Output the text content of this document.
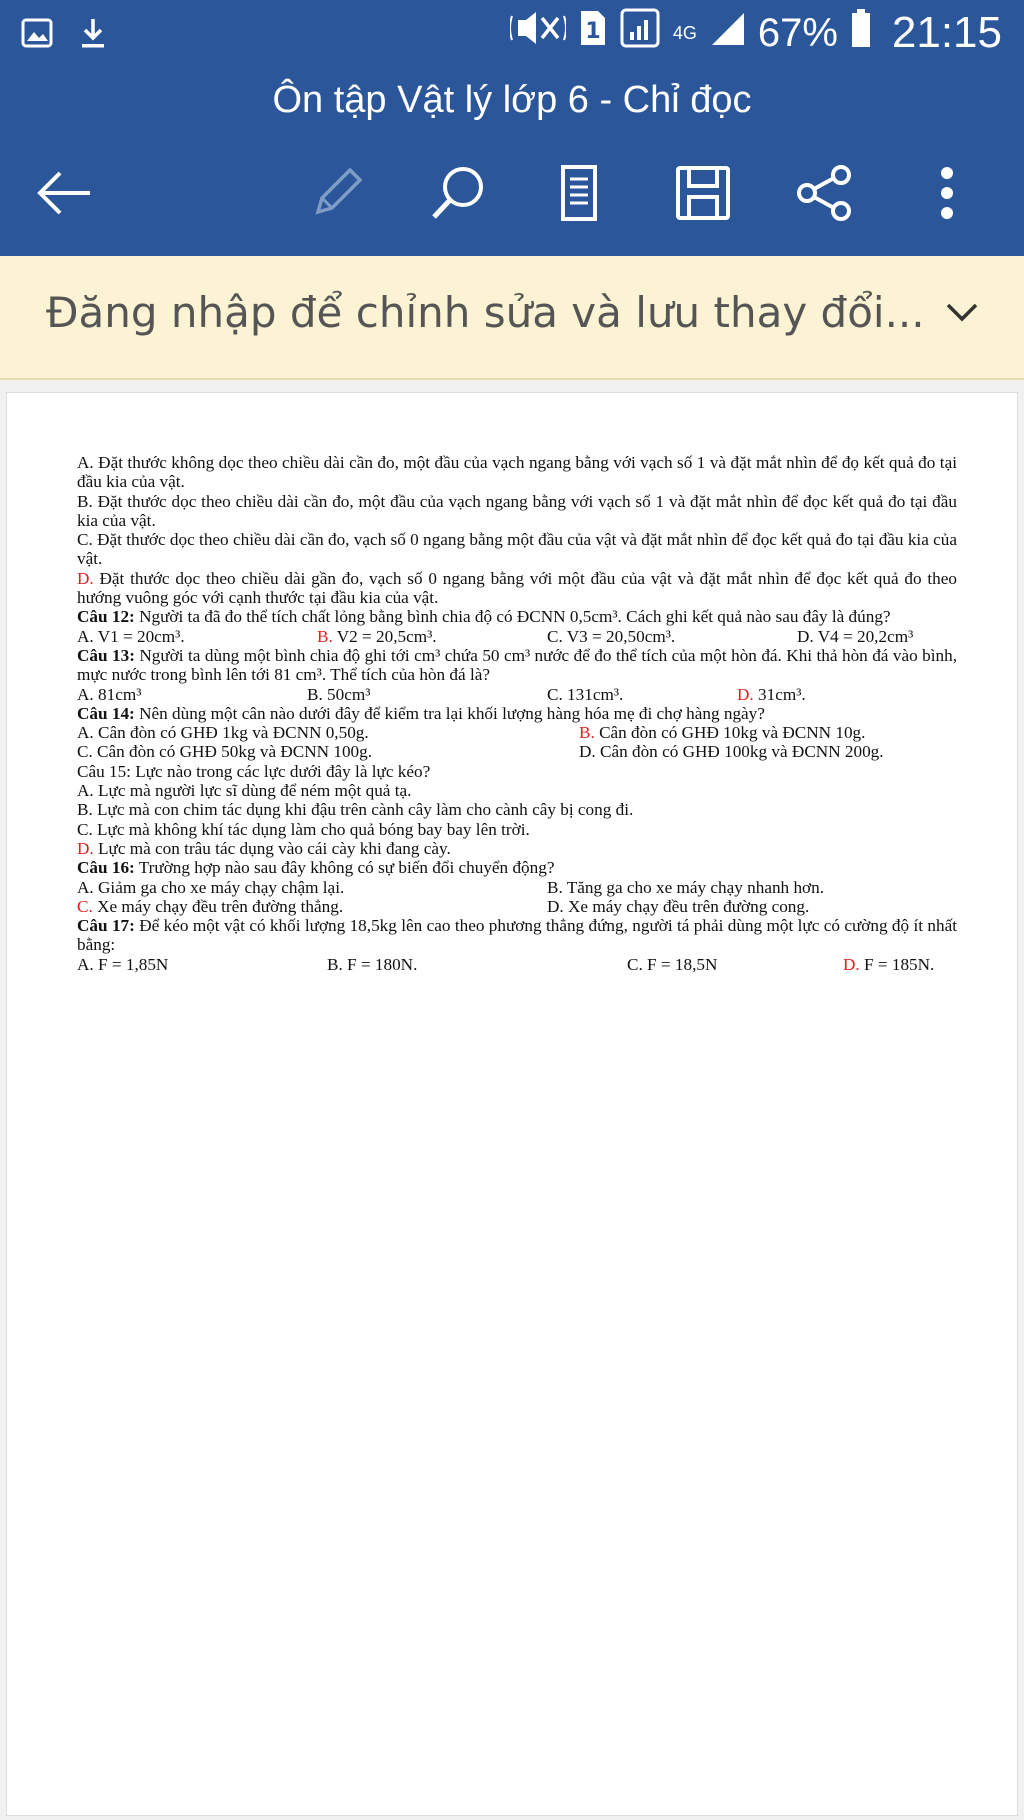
1	4G 67% 21:15
Ôn tập Vật lý lớp 6 - Chỉ đọc
Đăng nhập để chỉnh sửa và lưu thay đổi...
A. Đặt thước không dọc theo chiều dài cần đo, một đầu của vạch ngang bằng với vạch số 1 và đặt mắt nhìn để đọ kết quả đo tại đầu kia của vật.
B. Đặt thước dọc theo chiều dài cần đo, một đầu của vạch ngang bằng với vạch số 1 và đặt mắt nhìn để đọc kết quả đo tại đầu kia của vật.
C. Đặt thước dọc theo chiều dài cần đo, vạch số 0 ngang bằng một đầu của vật và đặt mắt nhìn để đọc kết quả đo tại đầu kia của vật.
D. Đặt thước dọc theo chiều dài gần đo, vạch số 0 ngang bằng với một đầu của vật và đặt mắt nhìn để đọc kết quả đo theo hướng vuông góc với cạnh thước tại đầu kia của vật.
Câu 12: Người ta đã đo thể tích chất lỏng bằng bình chia độ có ĐCNN 0,5cm³. Cách ghi kết quả nào sau đây là đúng?
A. V1 = 20cm³.	B. V2 = 20,5cm³.	C. V3 = 20,50cm³.	D. V4 = 20,2cm³
Câu 13: Người ta dùng một bình chia độ ghi tới cm³ chứa 50 cm³ nước để đo thể tích của một hòn đá. Khi thả hòn đá vào bình, mực nước trong bình lên tới 81 cm³. Thể tích của hòn đá là?
A. 81cm³	B. 50cm³	C. 131cm³.	D. 31cm³.
Câu 14: Nên dùng một cân nào dưới đây để kiểm tra lại khối lượng hàng hóa mẹ đi chợ hàng ngày?
A. Cân đòn có GHĐ 1kg và ĐCNN 0,50g.	B. Cân đòn có GHĐ 10kg và ĐCNN 10g.
C. Cân đòn có GHĐ 50kg và ĐCNN 100g.	D. Cân đòn có GHĐ 100kg và ĐCNN 200g.
Câu 15: Lực nào trong các lực dưới đây là lực kéo?
A. Lực mà người lực sĩ dùng để ném một quả tạ.
B. Lực mà con chim tác dụng khi đậu trên cành cây làm cho cành cây bị cong đi.
C. Lực mà không khí tác dụng làm cho quả bóng bay bay lên trời.
D. Lực mà con trâu tác dụng vào cái cày khi đang cày.
Câu 16: Trường hợp nào sau đây không có sự biến đổi chuyển động?
A. Giảm ga cho xe máy chạy chậm lại.	B. Tăng ga cho xe máy chạy nhanh hơn.
C. Xe máy chạy đều trên đường thẳng.	D. Xe máy chạy đều trên đường cong.
Câu 17: Để kéo một vật có khối lượng 18,5kg lên cao theo phương thẳng đứng, người tá phải dùng một lực có cường độ ít nhất bằng:
A. F = 1,85N	B. F = 180N.	C. F = 18,5N	D. F = 185N.
